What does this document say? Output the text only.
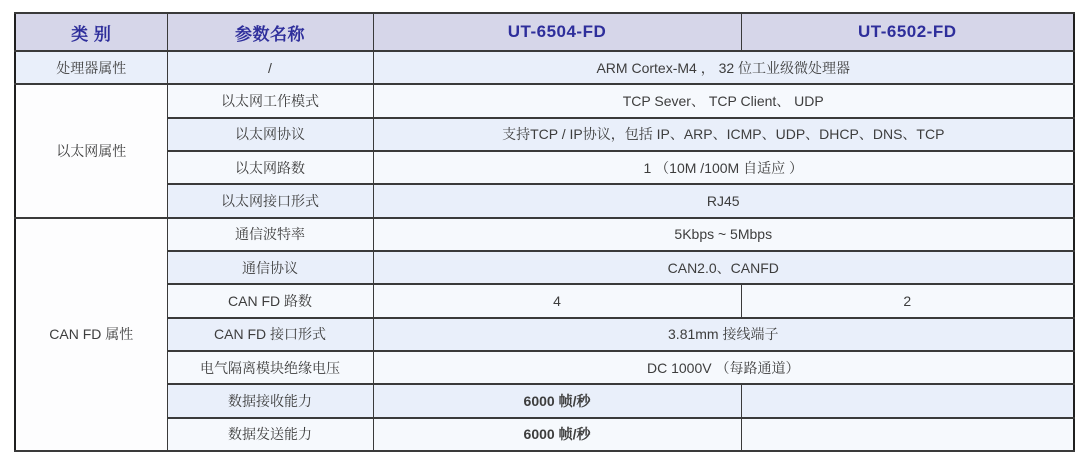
类 别	参数名称	UT-6504-FD	UT-6502-FD
处理器属性	/	ARM Cortex-M4 ， 32 位工业级微处理器	
以太网属性	以太网工作模式	TCP Sever、 TCP Client、 UDP	
	以太网协议	支持TCP / IP协议，包括 IP、ARP、ICMP、UDP、DHCP、DNS、TCP	
	以太网路数	1 （10M /100M 自适应 ）	
	以太网接口形式	RJ45	
CAN FD 属性	通信波特率	5Kbps ~ 5Mbps	
	通信协议	CAN2.0、CANFD	
	CAN FD 路数	4	2
	CAN FD 接口形式	3.81mm 接线端子	
	电气隔离模块绝缘电压	DC 1000V （每路通道）	
	数据接收能力	6000 帧/秒	
	数据发送能力	6000 帧/秒	
